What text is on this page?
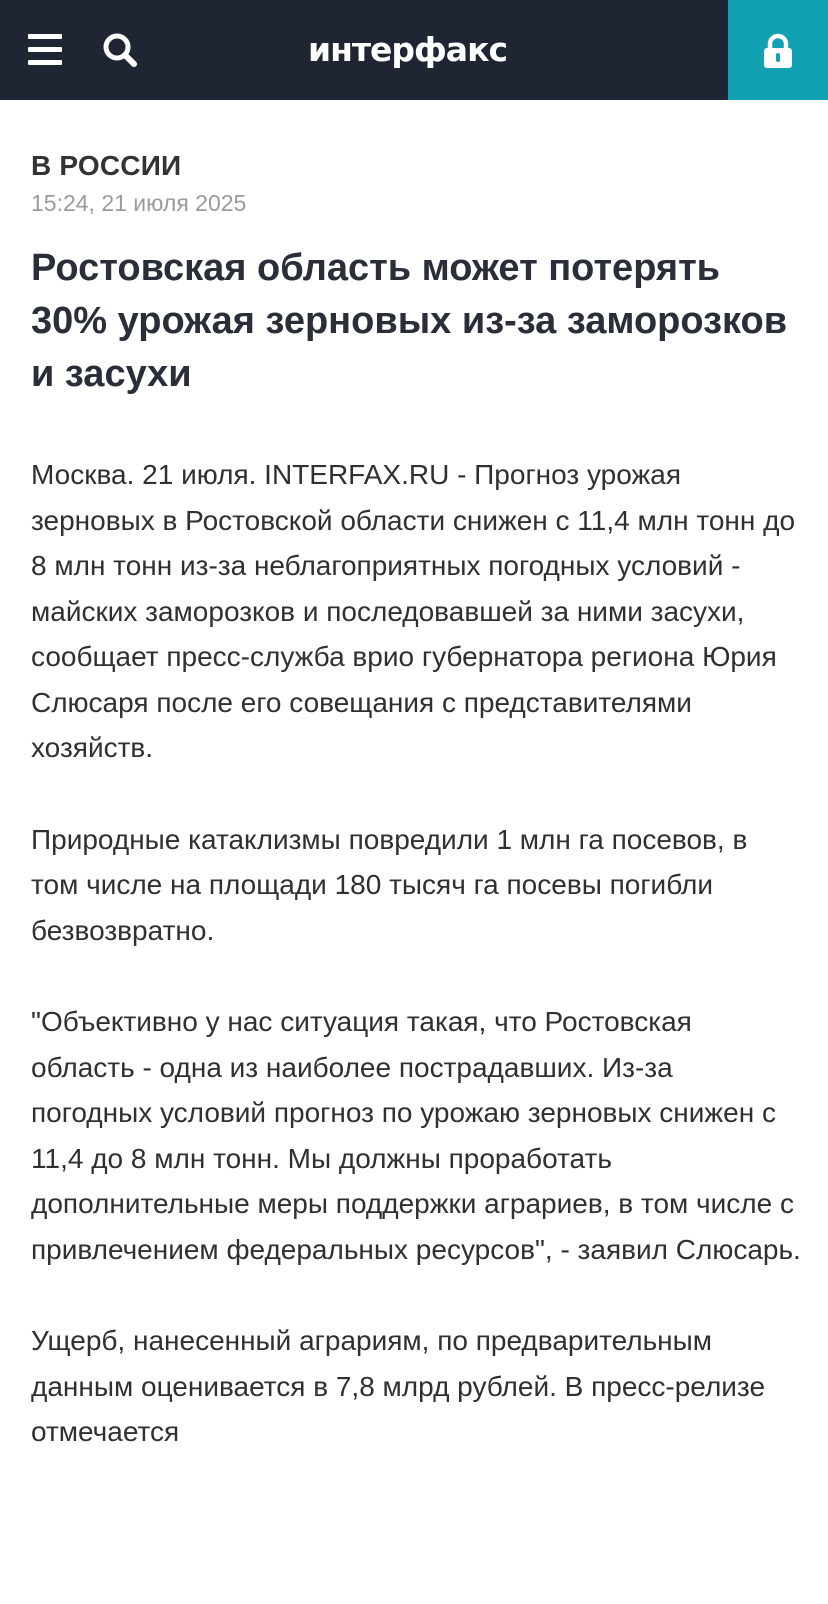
интерфакс
В РОССИИ
15:24, 21 июля 2025
Ростовская область может потерять 30% урожая зерновых из-за заморозков и засухи

Москва. 21 июля. INTERFAX.RU - Прогноз урожая зерновых в Ростовской области снижен с 11,4 млн тонн до 8 млн тонн из-за неблагоприятных погодных условий - майских заморозков и последовавшей за ними засухи, сообщает пресс-служба врио губернатора региона Юрия Слюсаря после его совещания с представителями хозяйств.

Природные катаклизмы повредили 1 млн га посевов, в том числе на площади 180 тысяч га посевы погибли безвозвратно.

"Объективно у нас ситуация такая, что Ростовская область - одна из наиболее пострадавших. Из-за погодных условий прогноз по урожаю зерновых снижен с 11,4 до 8 млн тонн. Мы должны проработать дополнительные меры поддержки аграриев, в том числе с привлечением федеральных ресурсов", - заявил Слюсарь.

Ущерб, нанесенный аграриям, по предварительным данным оценивается в 7,8 млрд рублей. В пресс-релизе отмечается
